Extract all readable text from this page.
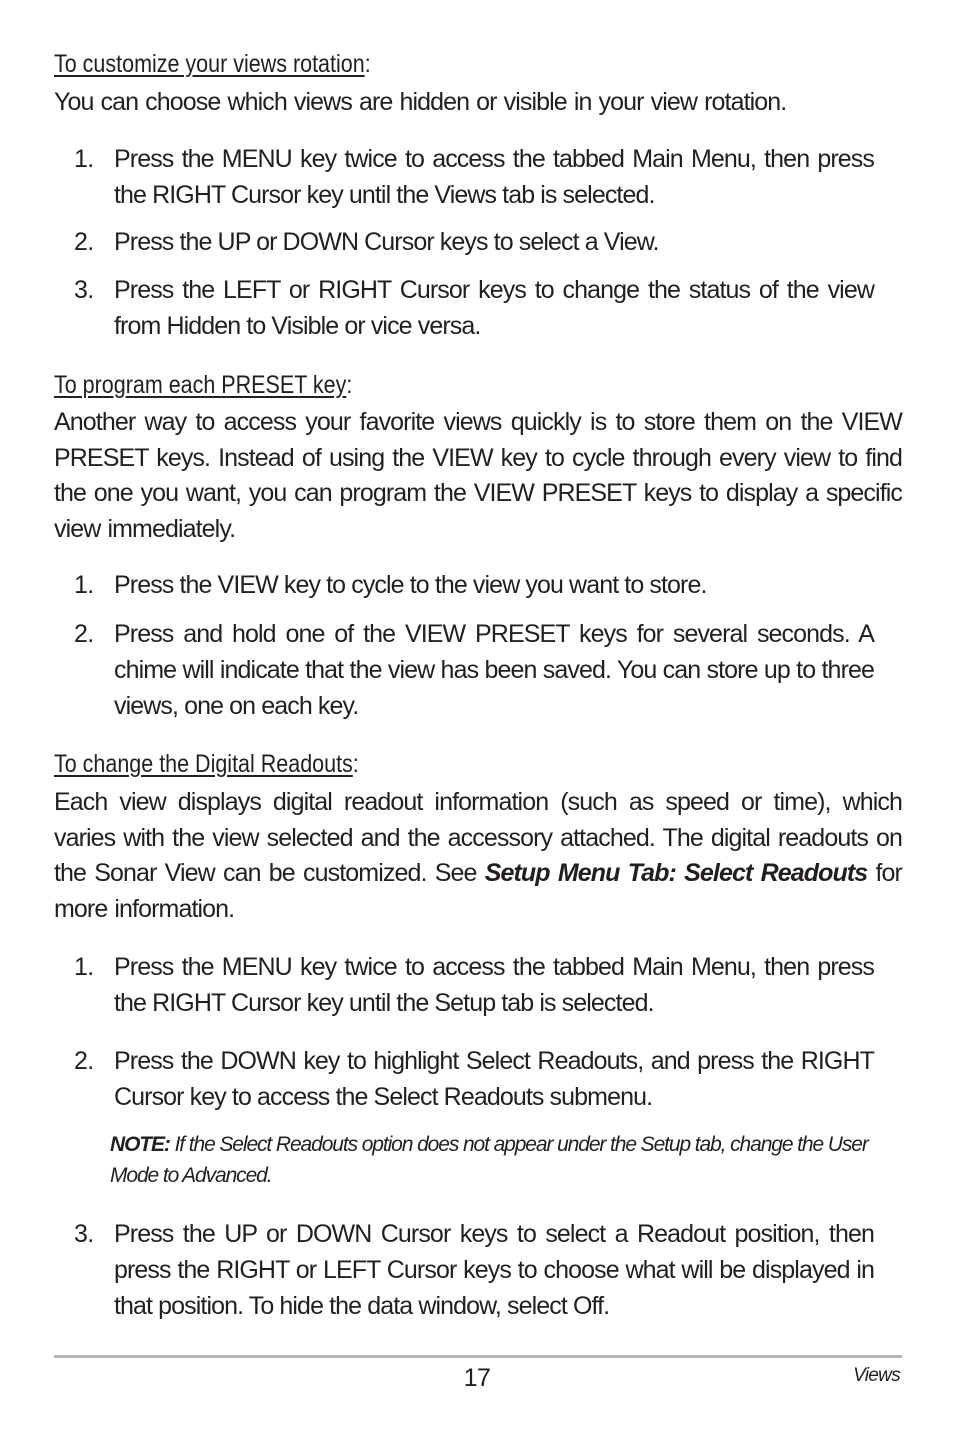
To customize your views rotation:
You can choose which views are hidden or visible in your view rotation.
1. Press the MENU key twice to access the tabbed Main Menu, then press the RIGHT Cursor key until the Views tab is selected.
2. Press the UP or DOWN Cursor keys to select a View.
3. Press the LEFT or RIGHT Cursor keys to change the status of the view from Hidden to Visible or vice versa.
To program each PRESET key:
Another way to access your favorite views quickly is to store them on the VIEW PRESET keys. Instead of using the VIEW key to cycle through every view to find the one you want, you can program the VIEW PRESET keys to display a specific view immediately.
1. Press the VIEW key to cycle to the view you want to store.
2. Press and hold one of the VIEW PRESET keys for several seconds. A chime will indicate that the view has been saved. You can store up to three views, one on each key.
To change the Digital Readouts:
Each view displays digital readout information (such as speed or time), which varies with the view selected and the accessory attached. The digital readouts on the Sonar View can be customized. See Setup Menu Tab: Select Readouts for more information.
1. Press the MENU key twice to access the tabbed Main Menu, then press the RIGHT Cursor key until the Setup tab is selected.
2. Press the DOWN key to highlight Select Readouts, and press the RIGHT Cursor key to access the Select Readouts submenu.
NOTE: If the Select Readouts option does not appear under the Setup tab, change the User Mode to Advanced.
3. Press the UP or DOWN Cursor keys to select a Readout position, then press the RIGHT or LEFT Cursor keys to choose what will be displayed in that position. To hide the data window, select Off.
17	Views
